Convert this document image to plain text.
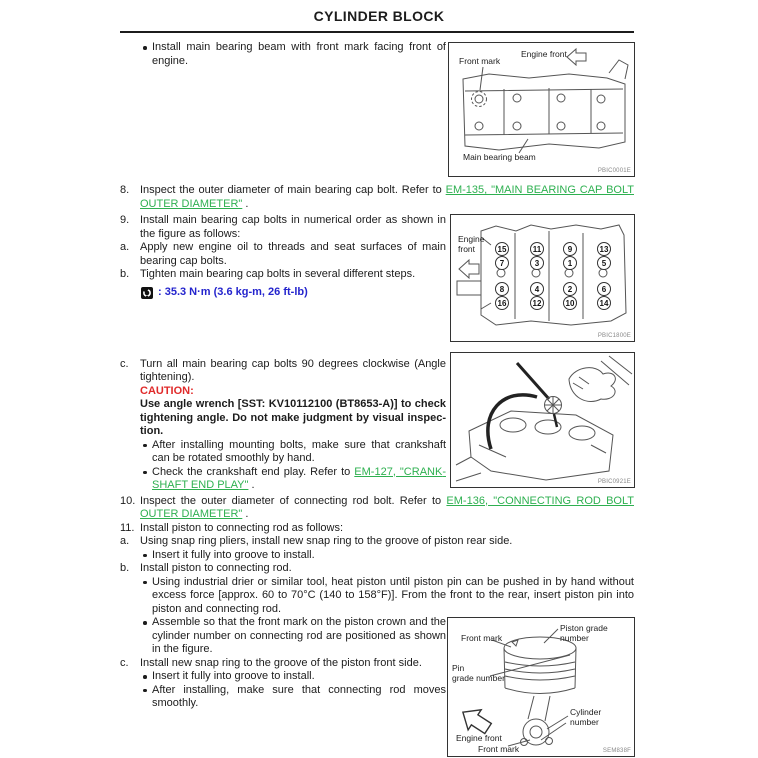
CYLINDER BLOCK
Install main bearing beam with front mark facing front of engine.
8. Inspect the outer diameter of main bearing cap bolt. Refer to EM-135, "MAIN BEARING CAP BOLT OUTER DIAMETER" .
9. Install main bearing cap bolts in numerical order as shown in the figure as follows:
a. Apply new engine oil to threads and seat surfaces of main bearing cap bolts.
b. Tighten main bearing cap bolts in several different steps.
: 35.3 N·m (3.6 kg-m, 26 ft-lb)
c. Turn all main bearing cap bolts 90 degrees clockwise (Angle tightening).
CAUTION:
Use angle wrench [SST: KV10112100 (BT8653-A)] to check tightening angle. Do not make judgment by visual inspection.
After installing mounting bolts, make sure that crankshaft can be rotated smoothly by hand.
Check the crankshaft end play. Refer to EM-127, "CRANKSHAFT END PLAY" .
10. Inspect the outer diameter of connecting rod bolt. Refer to EM-136, "CONNECTING ROD BOLT OUTER DIAMETER" .
11. Install piston to connecting rod as follows:
a. Using snap ring pliers, install new snap ring to the groove of piston rear side.
Insert it fully into groove to install.
b. Install piston to connecting rod.
Using industrial drier or similar tool, heat piston until piston pin can be pushed in by hand without excess force [approx. 60 to 70°C (140 to 158°F)]. From the front to the rear, insert piston pin into piston and connecting rod.
Assemble so that the front mark on the piston crown and the cylinder number on connecting rod are positioned as shown in the figure.
c. Install new snap ring to the groove of the piston front side.
Insert it fully into groove to install.
After installing, make sure that connecting rod moves smoothly.
Front mark
Engine front
Main bearing beam
PBIC0001E
Engine front	15	11	9	13
7	3	1	5
8	4	2	6
16	12	10	14
PBIC1800E
PBIC0921E
Piston grade number
Front mark
Pin
grade number
Cylinder number
Engine front
Front mark	SEM838F
